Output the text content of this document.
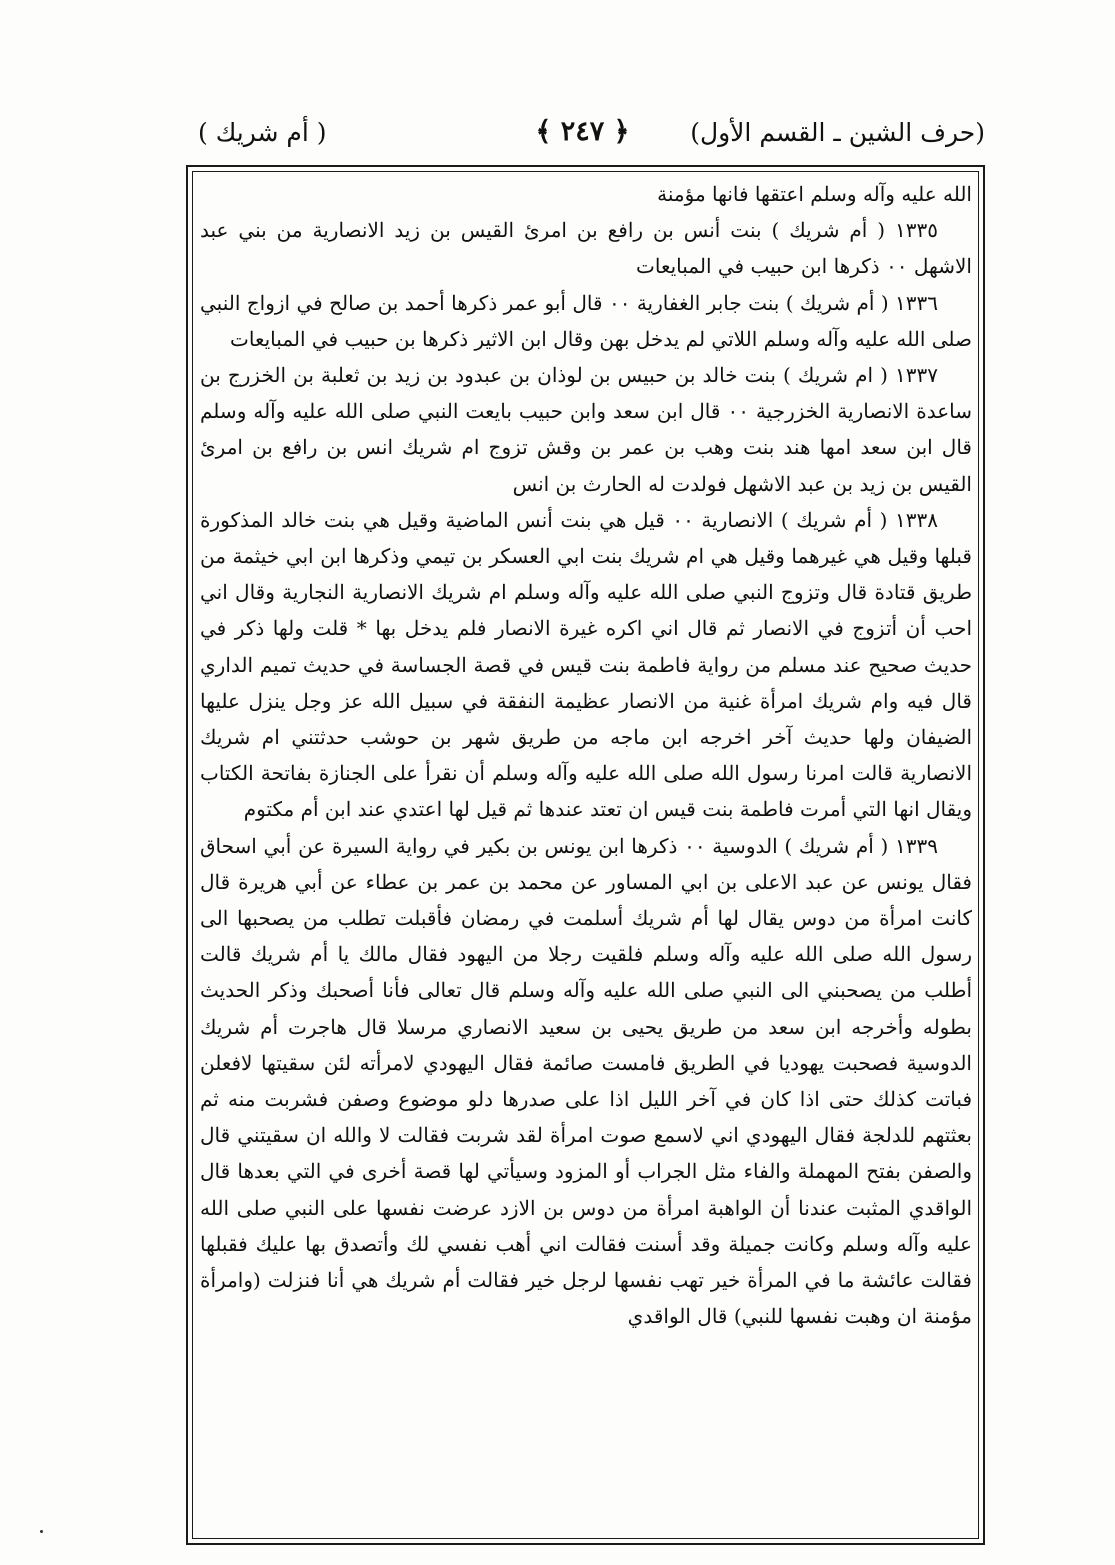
(حرف الشين ـ القسم الأول)
﴿ ٢٤٧ ﴾
( أم شريك )

الله عليه وآله وسلم اعتقها فانها مؤمنة

١٣٣٥ ( أم شريك ) بنت أنس بن رافع بن امرئ القيس بن زيد الانصارية من بني عبد الاشهل ٠٠ ذكرها ابن حبيب في المبايعات

١٣٣٦ ( أم شريك ) بنت جابر الغفارية ٠٠ قال أبو عمر ذكرها أحمد بن صالح في ازواج النبي صلى الله عليه وآله وسلم اللاتي لم يدخل بهن وقال ابن الاثير ذكرها بن حبيب في المبايعات

١٣٣٧ ( ام شريك ) بنت خالد بن حبيس بن لوذان بن عبدود بن زيد بن ثعلبة بن الخزرج بن ساعدة الانصارية الخزرجية ٠٠ قال ابن سعد وابن حبيب بايعت النبي صلى الله عليه وآله وسلم قال ابن سعد امها هند بنت وهب بن عمر بن وقش تزوج ام شريك انس بن رافع بن امرئ القيس بن زيد بن عبد الاشهل فولدت له الحارث بن انس

١٣٣٨ ( أم شريك ) الانصارية ٠٠ قيل هي بنت أنس الماضية وقيل هي بنت خالد المذكورة قبلها وقيل هي غيرهما وقيل هي ام شريك بنت ابي العسكر بن تيمي وذكرها ابن ابي خيثمة من طريق قتادة قال وتزوج النبي صلى الله عليه وآله وسلم ام شريك الانصارية النجارية وقال اني احب أن أتزوج في الانصار ثم قال اني اكره غيرة الانصار فلم يدخل بها * قلت ولها ذكر في حديث صحيح عند مسلم من رواية فاطمة بنت قيس في قصة الجساسة في حديث تميم الداري قال فيه وام شريك امرأة غنية من الانصار عظيمة النفقة في سبيل الله عز وجل ينزل عليها الضيفان ولها حديث آخر اخرجه ابن ماجه من طريق شهر بن حوشب حدثتني ام شريك الانصارية قالت امرنا رسول الله صلى الله عليه وآله وسلم أن نقرأ على الجنازة بفاتحة الكتاب ويقال انها التي أمرت فاطمة بنت قيس ان تعتد عندها ثم قيل لها اعتدي عند ابن أم مكتوم

١٣٣٩ ( أم شريك ) الدوسية ٠٠ ذكرها ابن يونس بن بكير في رواية السيرة عن أبي اسحاق فقال يونس عن عبد الاعلى بن ابي المساور عن محمد بن عمر بن عطاء عن أبي هريرة قال كانت امرأة من دوس يقال لها أم شريك أسلمت في رمضان فأقبلت تطلب من يصحبها الى رسول الله صلى الله عليه وآله وسلم فلقيت رجلا من اليهود فقال مالك يا أم شريك قالت أطلب من يصحبني الى النبي صلى الله عليه وآله وسلم قال تعالى فأنا أصحبك وذكر الحديث بطوله وأخرجه ابن سعد من طريق يحيى بن سعيد الانصاري مرسلا قال هاجرت أم شريك الدوسية فصحبت يهوديا في الطريق فامست صائمة فقال اليهودي لامرأته لئن سقيتها لافعلن فباتت كذلك حتى اذا كان في آخر الليل اذا على صدرها دلو موضوع وصفن فشربت منه ثم بعثتهم للدلجة فقال اليهودي اني لاسمع صوت امرأة لقد شربت فقالت لا والله ان سقيتني قال والصفن بفتح المهملة والفاء مثل الجراب أو المزود وسيأتي لها قصة أخرى في التي بعدها قال الواقدي المثبت عندنا أن الواهبة امرأة من دوس بن الازد عرضت نفسها على النبي صلى الله عليه وآله وسلم وكانت جميلة وقد أسنت فقالت اني أهب نفسي لك وأتصدق بها عليك فقبلها فقالت عائشة ما في المرأة خير تهب نفسها لرجل خير فقالت أم شريك هي أنا فنزلت (وامرأة مؤمنة ان وهبت نفسها للنبي) قال الواقدي
